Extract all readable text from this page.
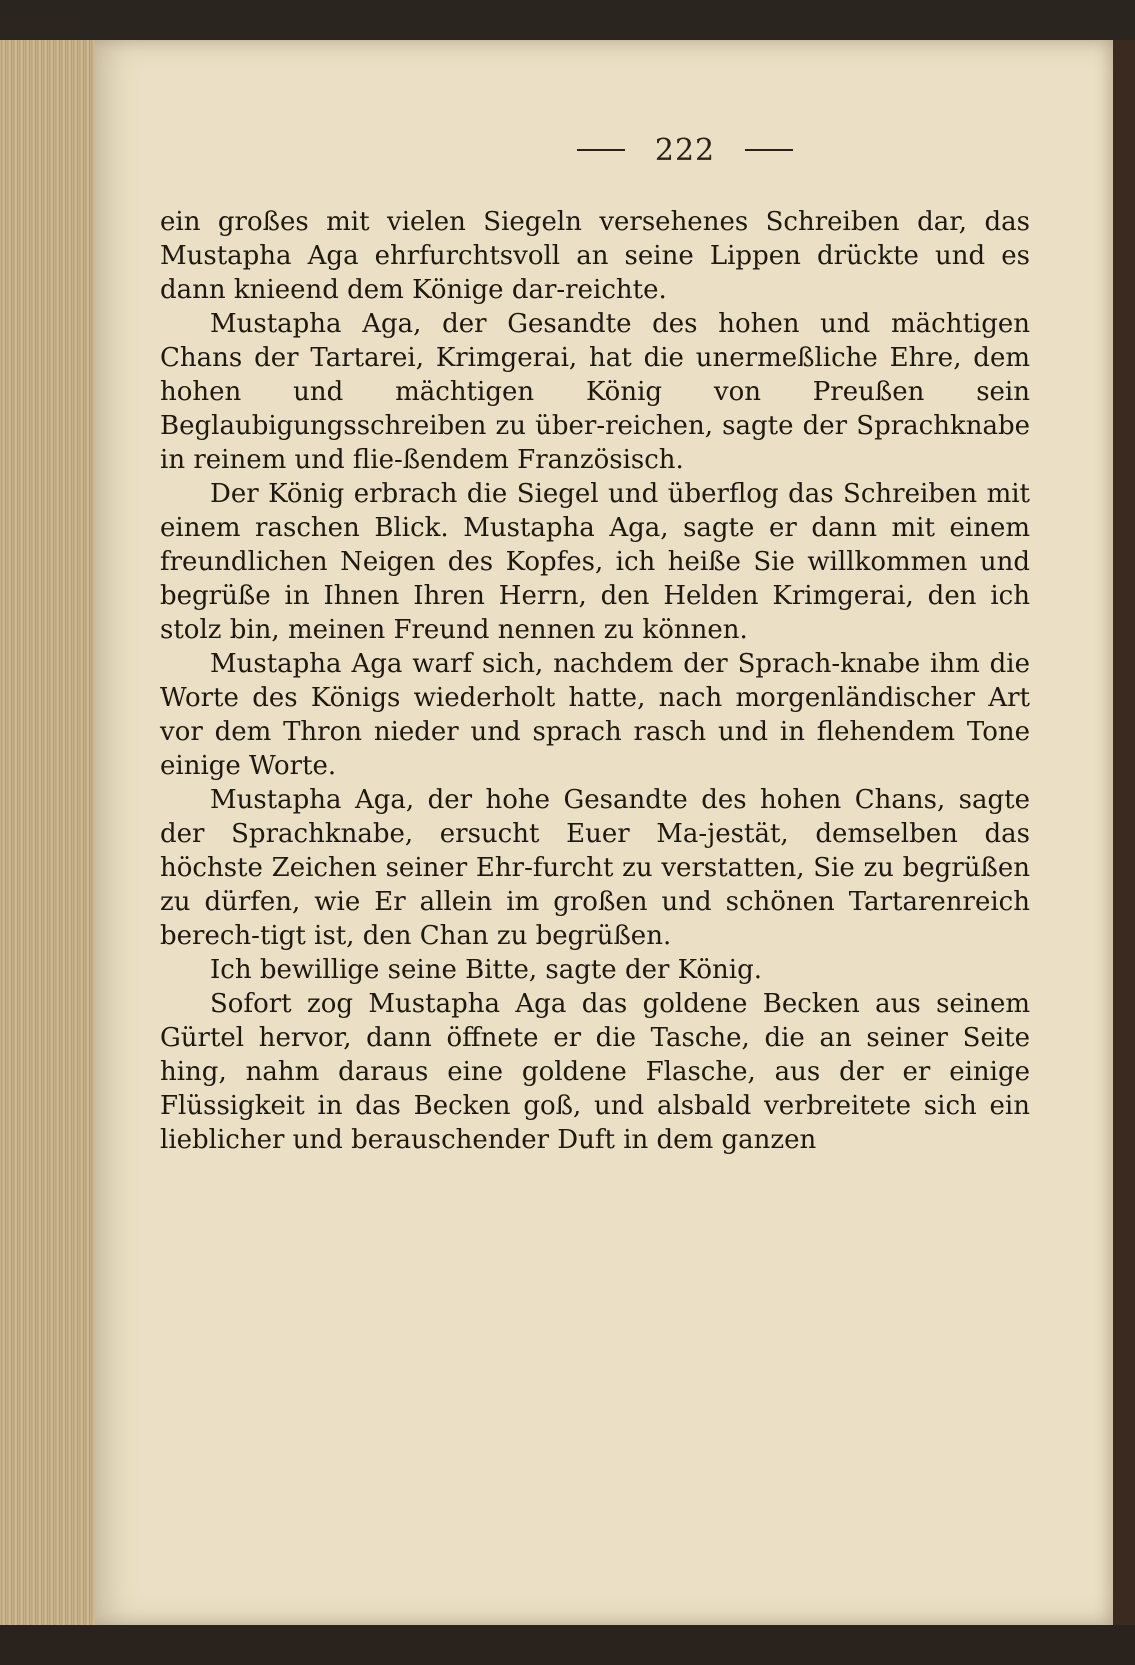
222

ein großes mit vielen Siegeln versehenes Schreiben dar, das Mustapha Aga ehrfurchtsvoll an seine Lippen drückte und es dann knieend dem Könige dar-reichte.

Mustapha Aga, der Gesandte des hohen und mächtigen Chans der Tartarei, Krimgerai, hat die unermeßliche Ehre, dem hohen und mächtigen König von Preußen sein Beglaubigungsschreiben zu über-reichen, sagte der Sprachknabe in reinem und flie-ßendem Französisch.

Der König erbrach die Siegel und überflog das Schreiben mit einem raschen Blick. Mustapha Aga, sagte er dann mit einem freundlichen Neigen des Kopfes, ich heiße Sie willkommen und begrüße in Ihnen Ihren Herrn, den Helden Krimgerai, den ich stolz bin, meinen Freund nennen zu können.

Mustapha Aga warf sich, nachdem der Sprach-knabe ihm die Worte des Königs wiederholt hatte, nach morgenländischer Art vor dem Thron nieder und sprach rasch und in flehendem Tone einige Worte.

Mustapha Aga, der hohe Gesandte des hohen Chans, sagte der Sprachknabe, ersucht Euer Ma-jestät, demselben das höchste Zeichen seiner Ehr-furcht zu verstatten, Sie zu begrüßen zu dürfen, wie Er allein im großen und schönen Tartarenreich berech-tigt ist, den Chan zu begrüßen.

Ich bewillige seine Bitte, sagte der König.

Sofort zog Mustapha Aga das goldene Becken aus seinem Gürtel hervor, dann öffnete er die Tasche, die an seiner Seite hing, nahm daraus eine goldene Flasche, aus der er einige Flüssigkeit in das Becken goß, und alsbald verbreitete sich ein lieblicher und berauschender Duft in dem ganzen
